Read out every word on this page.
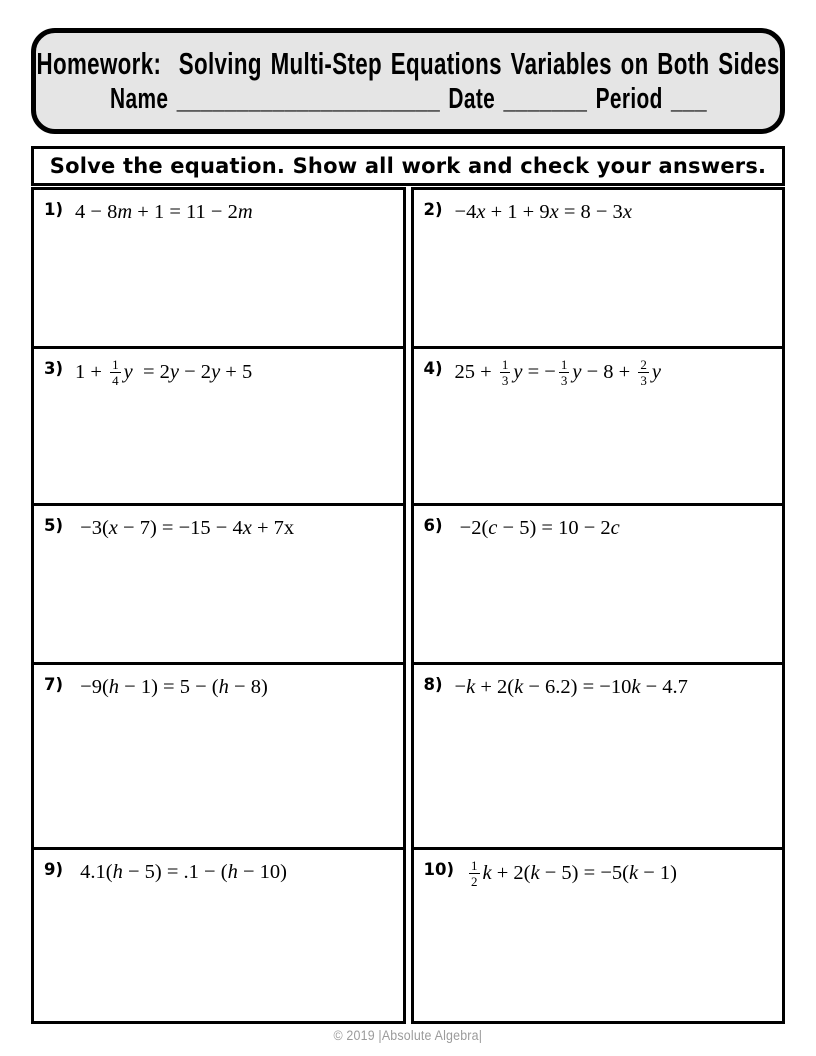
Homework:  Solving Multi-Step Equations Variables on Both Sides
Name ______________________ Date _______ Period ___
Solve the equation. Show all work and check your answers.
1) 4 − 8 m + 1 = 11 − 2 m
3) $1 + \frac{1}{4}$ y = 2 y − 2 y + 5
5) −3( x − 7) = −15 − 4 x + 7x
7) −9( h − 1) = 5 − ( h − 8)
9) 4.1( h − 5) = .1 − ( h − 10)
2) −4 x + 1 + 9 x = 8 − 3 x
4) $25 + \frac{1}{3}$ y = − $\frac{1}{3}$ $y - 8 + \frac{2}{3}$ y
6) −2( c − 5) = 10 − 2 c
8) − k + 2( k − 6.2) = −10 k − 4.7
$10) \frac{1}{2}$ k + 2( k − 5) = −5( k − 1)
© 2019 |Absolute Algebra|
